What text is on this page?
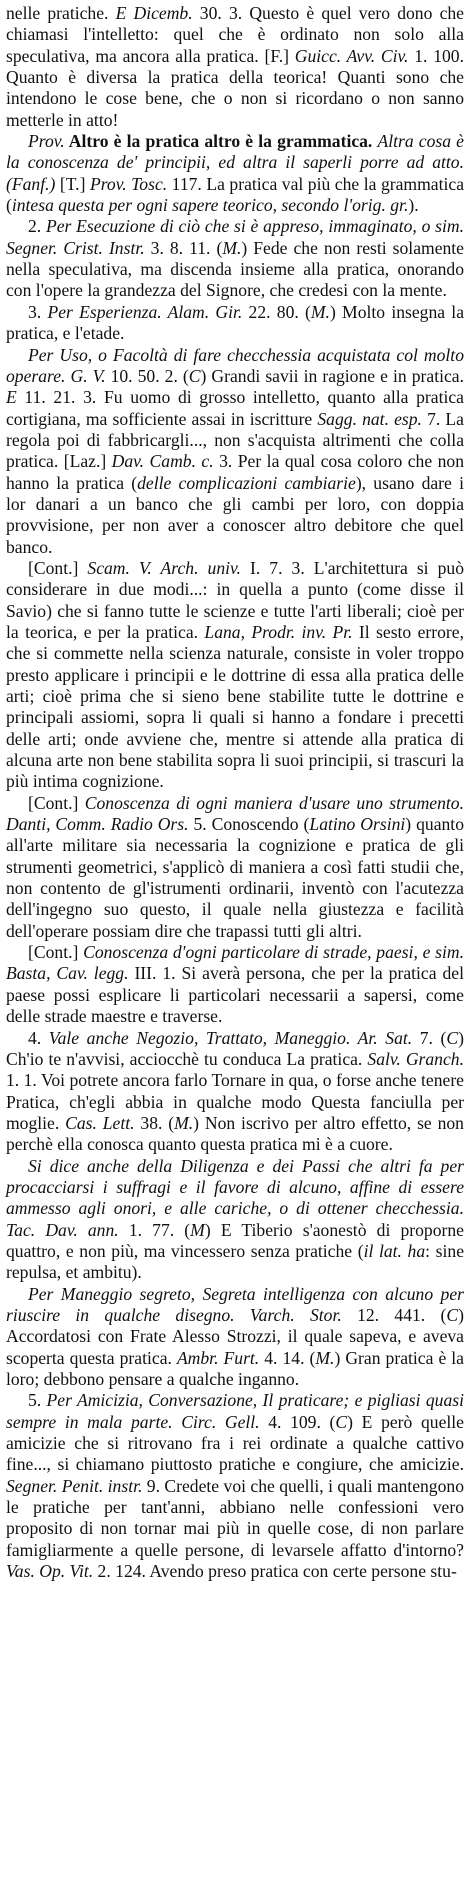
nelle pratiche. E Dicemb. 30. 3. Questo è quel vero dono che chiamasi l'intelletto: quel che è ordinato non solo alla speculativa, ma ancora alla pratica. [F.] Guicc. Avv. Civ. 1. 100. Quanto è diversa la pratica della teorica! Quanti sono che intendono le cose bene, che o non si ricordano o non sanno metterle in atto!

Prov. Altro è la pratica altro è la grammatica. Altra cosa è la conoscenza de' principii, ed altra il saperli porre ad atto. (Fanf.) [T.] Prov. Tosc. 117. La pratica val più che la grammatica (intesa questa per ogni sapere teorico, secondo l'orig. gr.).

2. Per Esecuzione di ciò che si è appreso, immaginato, o sim. Segner. Crist. Instr. 3. 8. 11. (M.) Fede che non resti solamente nella speculativa, ma discenda insieme alla pratica, onorando con l'opere la grandezza del Signore, che credesi con la mente.

3. Per Esperienza. Alam. Gir. 22. 80. (M.) Molto insegna la pratica, e l'etade.

Per Uso, o Facoltà di fare checchessia acquistata col molto operare. G. V. 10. 50. 2. (C) Grandi savii in ragione e in pratica. E 11. 21. 3. Fu uomo di grosso intelletto, quanto alla pratica cortigiana, ma sofficiente assai in iscritture Sagg. nat. esp. 7. La regola poi di fabbricargli..., non s'acquista altrimenti che colla pratica. [Laz.] Dav. Camb. c. 3. Per la qual cosa coloro che non hanno la pratica (delle complicazioni cambiarie), usano dare i lor danari a un banco che gli cambi per loro, con doppia provvisione, per non aver a conoscer altro debitore che quel banco.

[Cont.] Scam. V. Arch. univ. I. 7. 3. L'architettura si può considerare in due modi...: in quella a punto (come disse il Savio) che si fanno tutte le scienze e tutte l'arti liberali; cioè per la teorica, e per la pratica. Lana, Prodr. inv. Pr. Il sesto errore, che si commette nella scienza naturale, consiste in voler troppo presto applicare i principii e le dottrine di essa alla pratica delle arti; cioè prima che si sieno bene stabilite tutte le dottrine e principali assiomi, sopra li quali si hanno a fondare i precetti delle arti; onde avviene che, mentre si attende alla pratica di alcuna arte non bene stabilita sopra li suoi principii, si trascuri la più intima cognizione.

[Cont.] Conoscenza di ogni maniera d'usare uno strumento. Danti, Comm. Radio Ors. 5. Conoscendo (Latino Orsini) quanto all'arte militare sia necessaria la cognizione e pratica de gli strumenti geometrici, s'applicò di maniera a così fatti studii che, non contento de gl'istrumenti ordinarii, inventò con l'acutezza dell'ingegno suo questo, il quale nella giustezza e facilità dell'operare possiam dire che trapassi tutti gli altri.

[Cont.] Conoscenza d'ogni particolare di strade, paesi, e sim. Basta, Cav. legg. III. 1. Si averà persona, che per la pratica del paese possi esplicare li particolari necessarii a sapersi, come delle strade maestre e traverse.

4. Vale anche Negozio, Trattato, Maneggio. Ar. Sat. 7. (C) Ch'io te n'avvisi, acciocchè tu conduca La pratica. Salv. Granch. 1. 1. Voi potrete ancora farlo Tornare in qua, o forse anche tenere Pratica, ch'egli abbia in qualche modo Questa fanciulla per moglie. Cas. Lett. 38. (M.) Non iscrivo per altro effetto, se non perchè ella conosca quanto questa pratica mi è a cuore.

Si dice anche della Diligenza e dei Passi che altri fa per procacciarsi i suffragi e il favore di alcuno, affine di essere ammesso agli onori, e alle cariche, o di ottener checchessia. Tac. Dav. ann. 1. 77. (M) E Tiberio s'aonestò di proporne quattro, e non più, ma vincessero senza pratiche (il lat. ha: sine repulsa, et ambitu).

Per Maneggio segreto, Segreta intelligenza con alcuno per riuscire in qualche disegno. Varch. Stor. 12. 441. (C) Accordatosi con Frate Alesso Strozzi, il quale sapeva, e aveva scoperta questa pratica. Ambr. Furt. 4. 14. (M.) Gran pratica è la loro; debbono pensare a qualche inganno.

5. Per Amicizia, Conversazione, Il praticare; e pigliasi quasi sempre in mala parte. Circ. Gell. 4. 109. (C) E però quelle amicizie che si ritrovano fra i rei ordinate a qualche cattivo fine..., si chiamano piuttosto pratiche e congiure, che amicizie. Segner. Penit. instr. 9. Credete voi che quelli, i quali mantengono le pratiche per tant'anni, abbiano nelle confessioni vero proposito di non tornar mai più in quelle cose, di non parlare famigliarmente a quelle persone, di levarsele affatto d'intorno? Vas. Op. Vit. 2. 124. Avendo preso pratica con certe persone stu-
